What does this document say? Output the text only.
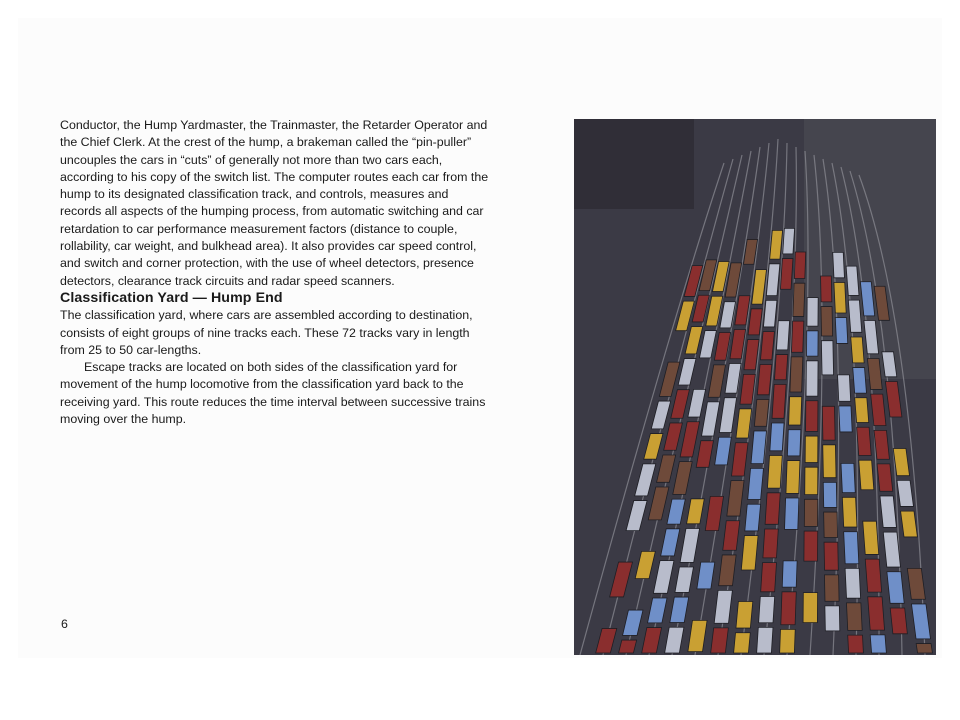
Conductor, the Hump Yardmaster, the Trainmaster, the Retarder Operator and the Chief Clerk. At the crest of the hump, a brakeman called the “pin-puller” uncouples the cars in “cuts” of generally not more than two cars each, according to his copy of the switch list. The computer routes each car from the hump to its designated classification track, and controls, measures and records all aspects of the humping process, from automatic switching and car retardation to car performance measurement factors (distance to couple, rollability, car weight, and bulkhead area). It also provides car speed control, and switch and corner protection, with the use of wheel detectors, presence detectors, clearance track circuits and radar speed scanners.

Classification Yard — Hump End

The classification yard, where cars are assembled according to destination, consists of eight groups of nine tracks each. These 72 tracks vary in length from 25 to 50 car-lengths.

Escape tracks are located on both sides of the classification yard for movement of the hump locomotive from the classification yard back to the receiving yard. This route reduces the time interval between successive trains moving over the hump.

6
